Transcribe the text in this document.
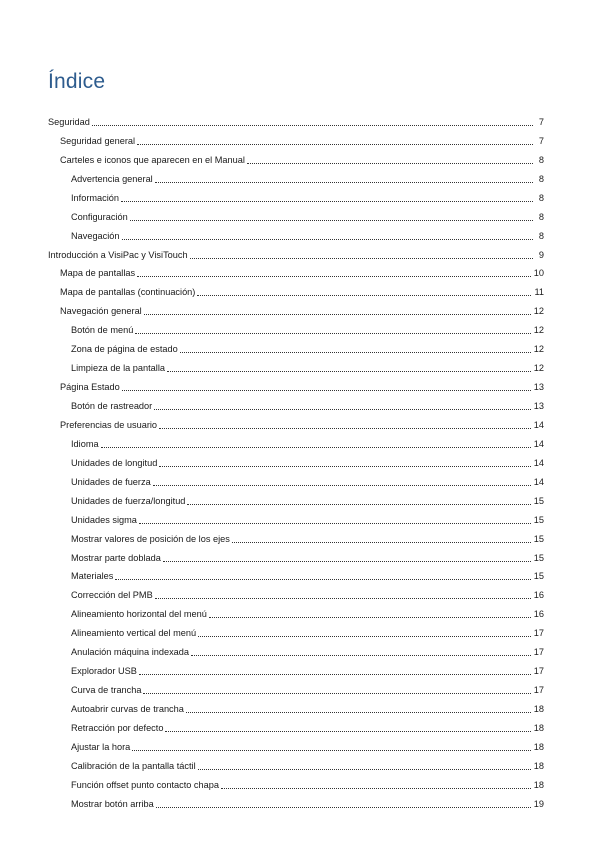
Índice
Seguridad	7
Seguridad general	7
Carteles e iconos que aparecen en el Manual	8
Advertencia general	8
Información	8
Configuración	8
Navegación	8
Introducción a VisiPac y VisiTouch	9
Mapa de pantallas	10
Mapa de pantallas (continuación)	11
Navegación general	12
Botón de menú	12
Zona de página de estado	12
Limpieza de la pantalla	12
Página Estado	13
Botón de rastreador	13
Preferencias de usuario	14
Idioma	14
Unidades de longitud	14
Unidades de fuerza	14
Unidades de fuerza/longitud	15
Unidades sigma	15
Mostrar valores de posición de los ejes	15
Mostrar parte doblada	15
Materiales	15
Corrección del PMB	16
Alineamiento horizontal del menú	16
Alineamiento vertical del menú	17
Anulación máquina indexada	17
Explorador USB	17
Curva de trancha	17
Autoabrir curvas de trancha	18
Retracción por defecto	18
Ajustar la hora	18
Calibración de la pantalla táctil	18
Función offset punto contacto chapa	18
Mostrar botón arriba	19
